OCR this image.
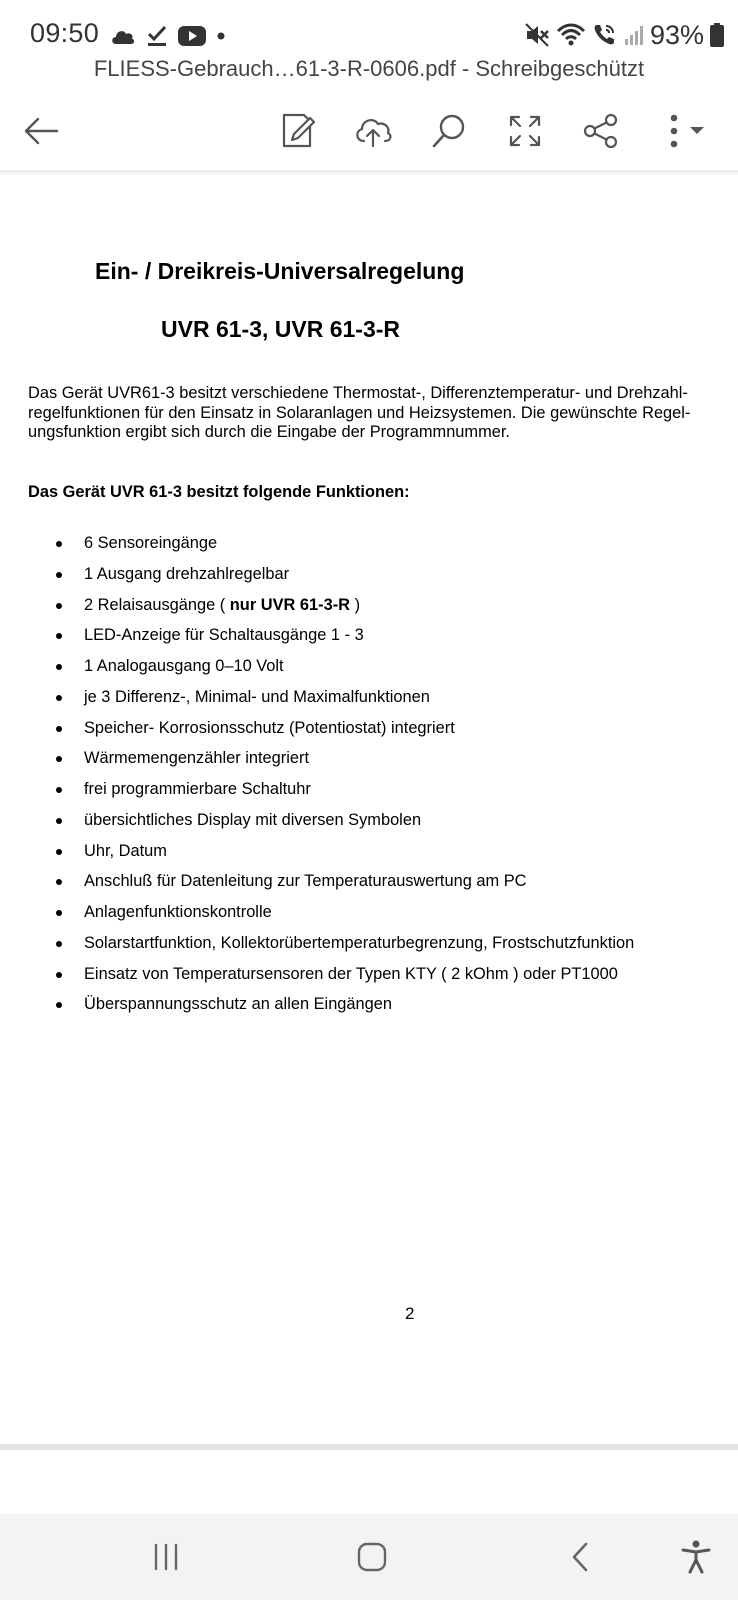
09:50	93%
FLIESS-Gebrauch…61-3-R-0606.pdf - Schreibgeschützt
Ein- / Dreikreis-Universalregelung
UVR 61-3, UVR 61-3-R
Das Gerät UVR61-3 besitzt verschiedene Thermostat-, Differenztemperatur- und Drehzahl-
regelfunktionen für den Einsatz in Solaranlagen und Heizsystemen. Die gewünschte Regel-
ungsfunktion ergibt sich durch die Eingabe der Programmnummer.
Das Gerät UVR 61-3 besitzt folgende Funktionen:
6 Sensoreingänge
1 Ausgang drehzahlregelbar
2 Relaisausgänge ( nur UVR 61-3-R )
LED-Anzeige für Schaltausgänge 1 - 3
1 Analogausgang 0–10 Volt
je 3 Differenz-, Minimal- und Maximalfunktionen
Speicher- Korrosionsschutz (Potentiostat) integriert
Wärmemengenzähler integriert
frei programmierbare Schaltuhr
übersichtliches Display mit diversen Symbolen
Uhr, Datum
Anschluß für Datenleitung zur Temperaturauswertung am PC
Anlagenfunktionskontrolle
Solarstartfunktion, Kollektorübertemperaturbegrenzung, Frostschutzfunktion
Einsatz von Temperatursensoren der Typen KTY ( 2 kOhm ) oder PT1000
Überspannungsschutz an allen Eingängen
2
